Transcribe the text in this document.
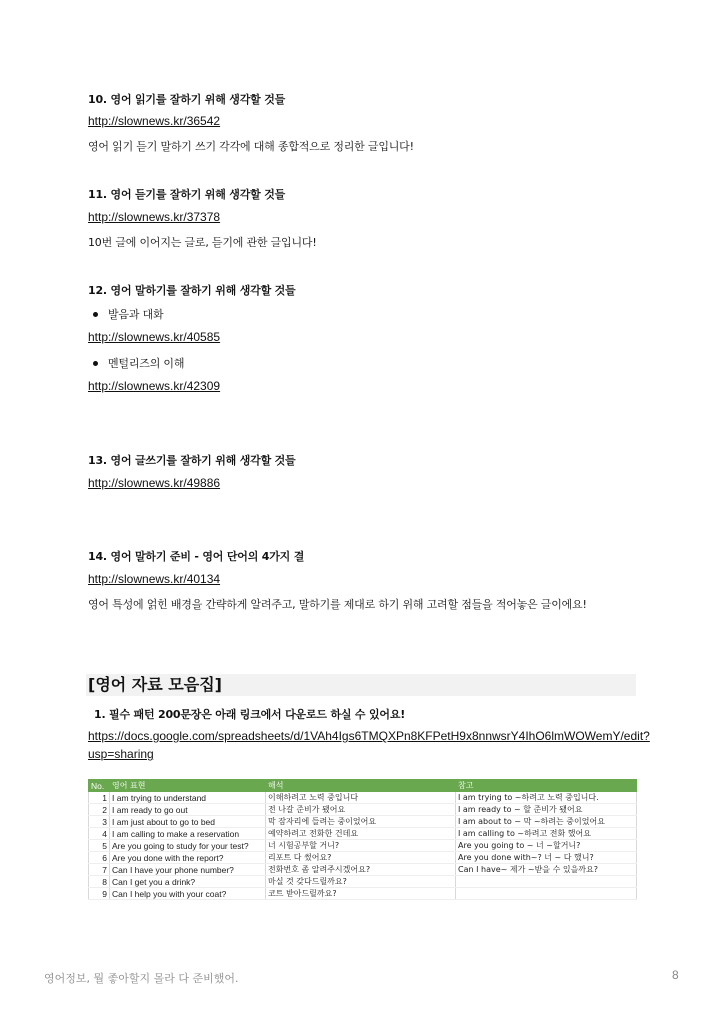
10. 영어 읽기를 잘하기 위해 생각할 것들
http://slownews.kr/36542
영어 읽기 듣기 말하기 쓰기 각각에 대해 종합적으로 정리한 글입니다!
11. 영어 듣기를 잘하기 위해 생각할 것들
http://slownews.kr/37378
10번 글에 이어지는 글로, 듣기에 관한 글입니다!
12. 영어 말하기를 잘하기 위해 생각할 것들
발음과 대화
http://slownews.kr/40585
멘털리즈의 이해
http://slownews.kr/42309
13. 영어 글쓰기를 잘하기 위해 생각할 것들
http://slownews.kr/49886
14. 영어 말하기 준비 - 영어 단어의 4가지 결
http://slownews.kr/40134
영어 특성에 얽힌 배경을 간략하게 알려주고, 말하기를 제대로 하기 위해 고려할 점들을 적어놓은 글이에요!
[영어 자료 모음집]
1. 필수 패턴 200문장은 아래 링크에서 다운로드 하실 수 있어요!
https://docs.google.com/spreadsheets/d/1VAh4Igs6TMQXPn8KFPetH9x8nnwsrY4IhO6lmWOWemY/edit?
usp=sharing
No.	영어 표현	해석	참고
1	I am trying to understand	이해하려고 노력 중입니다	I am trying to ~하려고 노력 중입니다.
2	I am ready to go out	전 나갈 준비가 됐어요	I am ready to ~ 할 준비가 됐어요
3	I am just about to go to bed	막 잠자리에 들려는 중이었어요	I am about to ~ 막 ~하려는 중이었어요
4	I am calling to make a reservation	예약하려고 전화한 건데요	I am calling to ~하려고 전화 했어요
5	Are you going to study for your test?	너 시험공부할 거니?	Are you going to ~ 너 ~할거니?
6	Are you done with the report?	리포트 다 썼어요?	Are you done with~? 너 ~ 다 했니?
7	Can I have your phone number?	전화번호 좀 알려주시겠어요?	Can I have~ 제가 ~받을 수 있을까요?
8	Can I get you a drink?	마실 것 갖다드릴까요?	
9	Can I help you with your coat?	코트 받아드릴까요?	
영어정보, 뭘 좋아할지 몰라 다 준비했어.	8
